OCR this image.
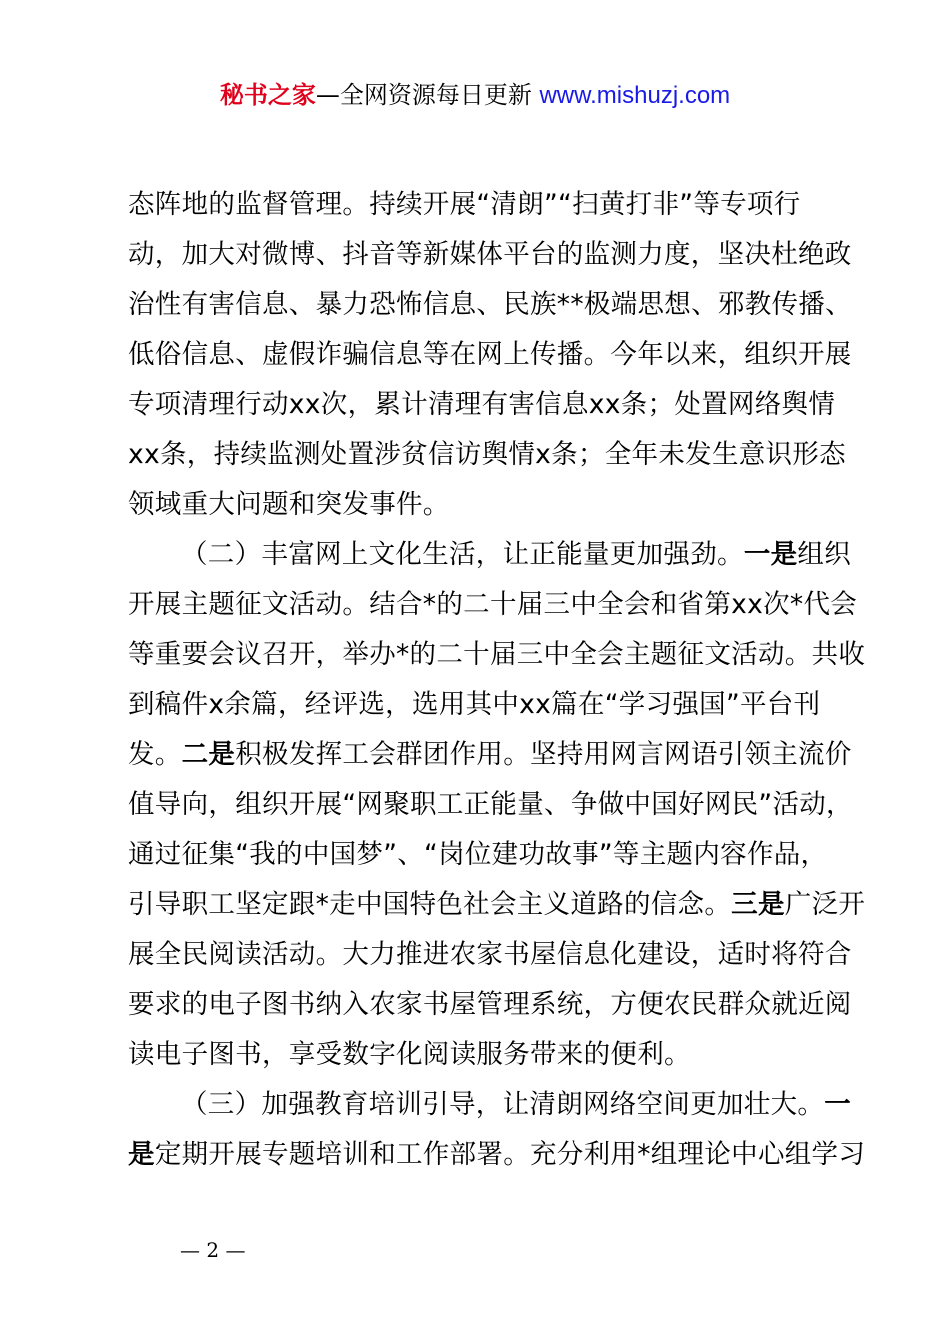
秘书之家—全网资源每日更新 www.mishuzj.com
态阵地的监督管理。持续开展“清朗”“扫黄打非”等专项行
动，加大对微博、抖音等新媒体平台的监测力度，坚决杜绝政
治性有害信息、暴力恐怖信息、民族**极端思想、邪教传播、
低俗信息、虚假诈骗信息等在网上传播。今年以来，组织开展
专项清理行动xx次，累计清理有害信息xx条；处置网络舆情
xx条，持续监测处置涉贫信访舆情x条；全年未发生意识形态
领域重大问题和突发事件。
（二）丰富网上文化生活，让正能量更加强劲。一是组织
开展主题征文活动。结合*的二十届三中全会和省第xx次*代会
等重要会议召开，举办*的二十届三中全会主题征文活动。共收
到稿件x余篇，经评选，选用其中xx篇在“学习强国”平台刊
发。二是积极发挥工会群团作用。坚持用网言网语引领主流价
值导向，组织开展“网聚职工正能量、争做中国好网民”活动，
通过征集“我的中国梦”、“岗位建功故事”等主题内容作品，
引导职工坚定跟*走中国特色社会主义道路的信念。三是广泛开
展全民阅读活动。大力推进农家书屋信息化建设，适时将符合
要求的电子图书纳入农家书屋管理系统，方便农民群众就近阅
读电子图书，享受数字化阅读服务带来的便利。
（三）加强教育培训引导，让清朗网络空间更加壮大。一
是定期开展专题培训和工作部署。充分利用*组理论中心组学习
— 2 —
